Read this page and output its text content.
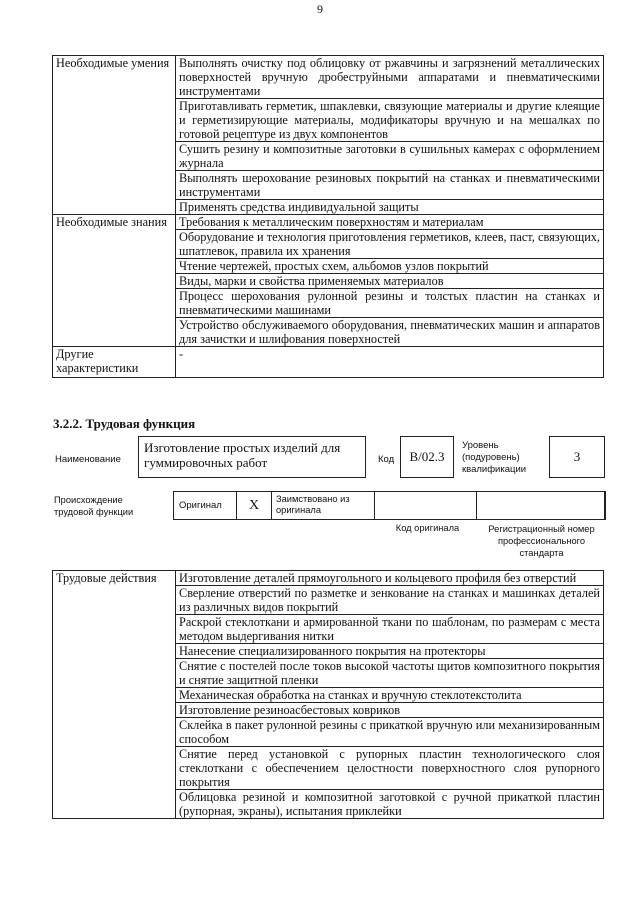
9
Необходимые умения	Выполнять очистку под облицовку от ржавчины и загрязнений металлических поверхностей вручную дробеструйными аппаратами и пневматическими инструментами
	Приготавливать герметик, шпаклевки, связующие материалы и другие клеящие и герметизирующие материалы, модификаторы вручную и на мешалках по готовой рецептуре из двух компонентов
	Сушить резину и композитные заготовки в сушильных камерах с оформлением журнала
	Выполнять шерохование резиновых покрытий на станках и пневматическими инструментами
	Применять средства индивидуальной защиты
Необходимые знания	Требования к металлическим поверхностям и материалам
	Оборудование и технология приготовления герметиков, клеев, паст, связующих, шпатлевок, правила их хранения
	Чтение чертежей, простых схем, альбомов узлов покрытий
	Виды, марки и свойства применяемых материалов
	Процесс шерохования рулонной резины и толстых пластин на станках и пневматическими машинами
	Устройство обслуживаемого оборудования, пневматических машин и аппаратов для зачистки и шлифования поверхностей
Другие характеристики	-
3.2.2. Трудовая функция
Наименование
Изготовление простых изделий для гуммировочных работ	Код	B/02.3
Уровень (подуровень) квалификации
3
Происхождение трудовой функции
Оригинал	X	Заимствовано из оригинала
Код оригинала	Регистрационный номер профессионального стандарта
Трудовые действия	Изготовление деталей прямоугольного и кольцевого профиля без отверстий
Сверление отверстий по разметке и зенкование на станках и машинках деталей из различных видов покрытий
Раскрой стеклоткани и армированной ткани по шаблонам, по размерам с места методом выдергивания нитки
Нанесение специализированного покрытия на протекторы
Снятие с постелей после токов высокой частоты щитов композитного покрытия и снятие защитной пленки
Механическая обработка на станках и вручную стеклотекстолита
Изготовление резиноасбестовых ковриков
Склейка в пакет рулонной резины с прикаткой вручную или механизированным способом
Снятие перед установкой с рупорных пластин технологического слоя стеклоткани с обеспечением целостности поверхностного слоя рупорного покрытия
Облицовка резиной и композитной заготовкой с ручной прикаткой пластин (рупорная, экраны), испытания приклейки
